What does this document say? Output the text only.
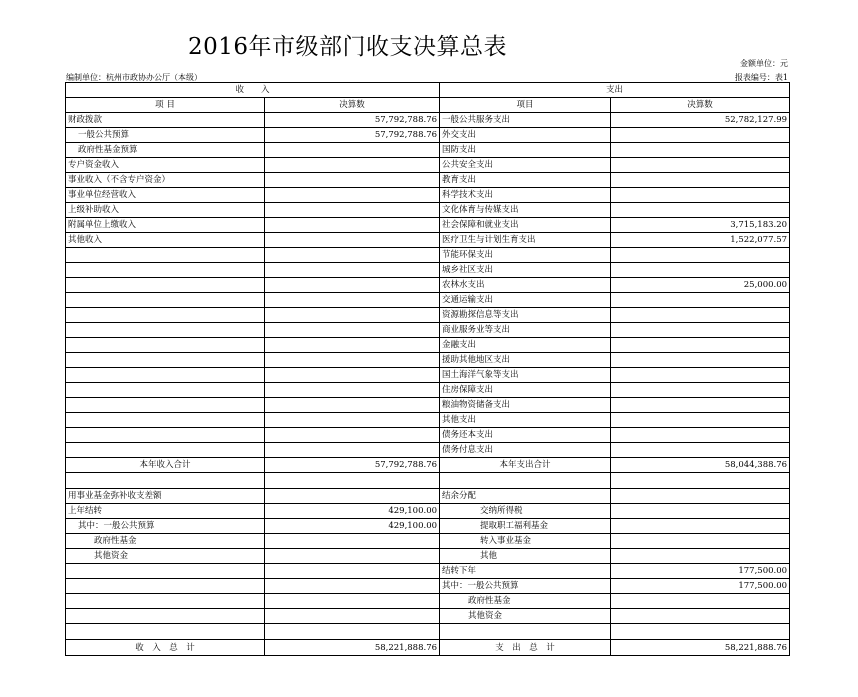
2016年市级部门收支决算总表
金额单位：元
编制单位：杭州市政协办公厅（本级）	报表编号：表1
收　　入		支出	
项 目	决算数	项目	决算数
财政拨款	57,792,788.76	一般公共服务支出	52,782,127.99
一般公共预算	57,792,788.76	外交支出	
政府性基金预算		国防支出	
专户资金收入		公共安全支出	
事业收入（不含专户资金）		教育支出	
事业单位经营收入		科学技术支出	
上级补助收入		文化体育与传媒支出	
附属单位上缴收入		社会保障和就业支出	3,715,183.20
其他收入		医疗卫生与计划生育支出	1,522,077.57
		节能环保支出	
		城乡社区支出	
		农林水支出	25,000.00
		交通运输支出	
		资源勘探信息等支出	
		商业服务业等支出	
		金融支出	
		援助其他地区支出	
		国土海洋气象等支出	
		住房保障支出	
		粮油物资储备支出	
		其他支出	
		债务还本支出	
		债务付息支出	
本年收入合计	57,792,788.76	本年支出合计	58,044,388.76

用事业基金弥补收支差额		结余分配	
上年结转	429,100.00	交纳所得税	
其中：一般公共预算	429,100.00	提取职工福利基金	
政府性基金		转入事业基金	
其他资金		其他	
		结转下年	177,500.00
		其中：一般公共预算	177,500.00
		政府性基金	
		其他资金	

收　入　总　计	58,221,888.76	支　出　总　计	58,221,888.76
